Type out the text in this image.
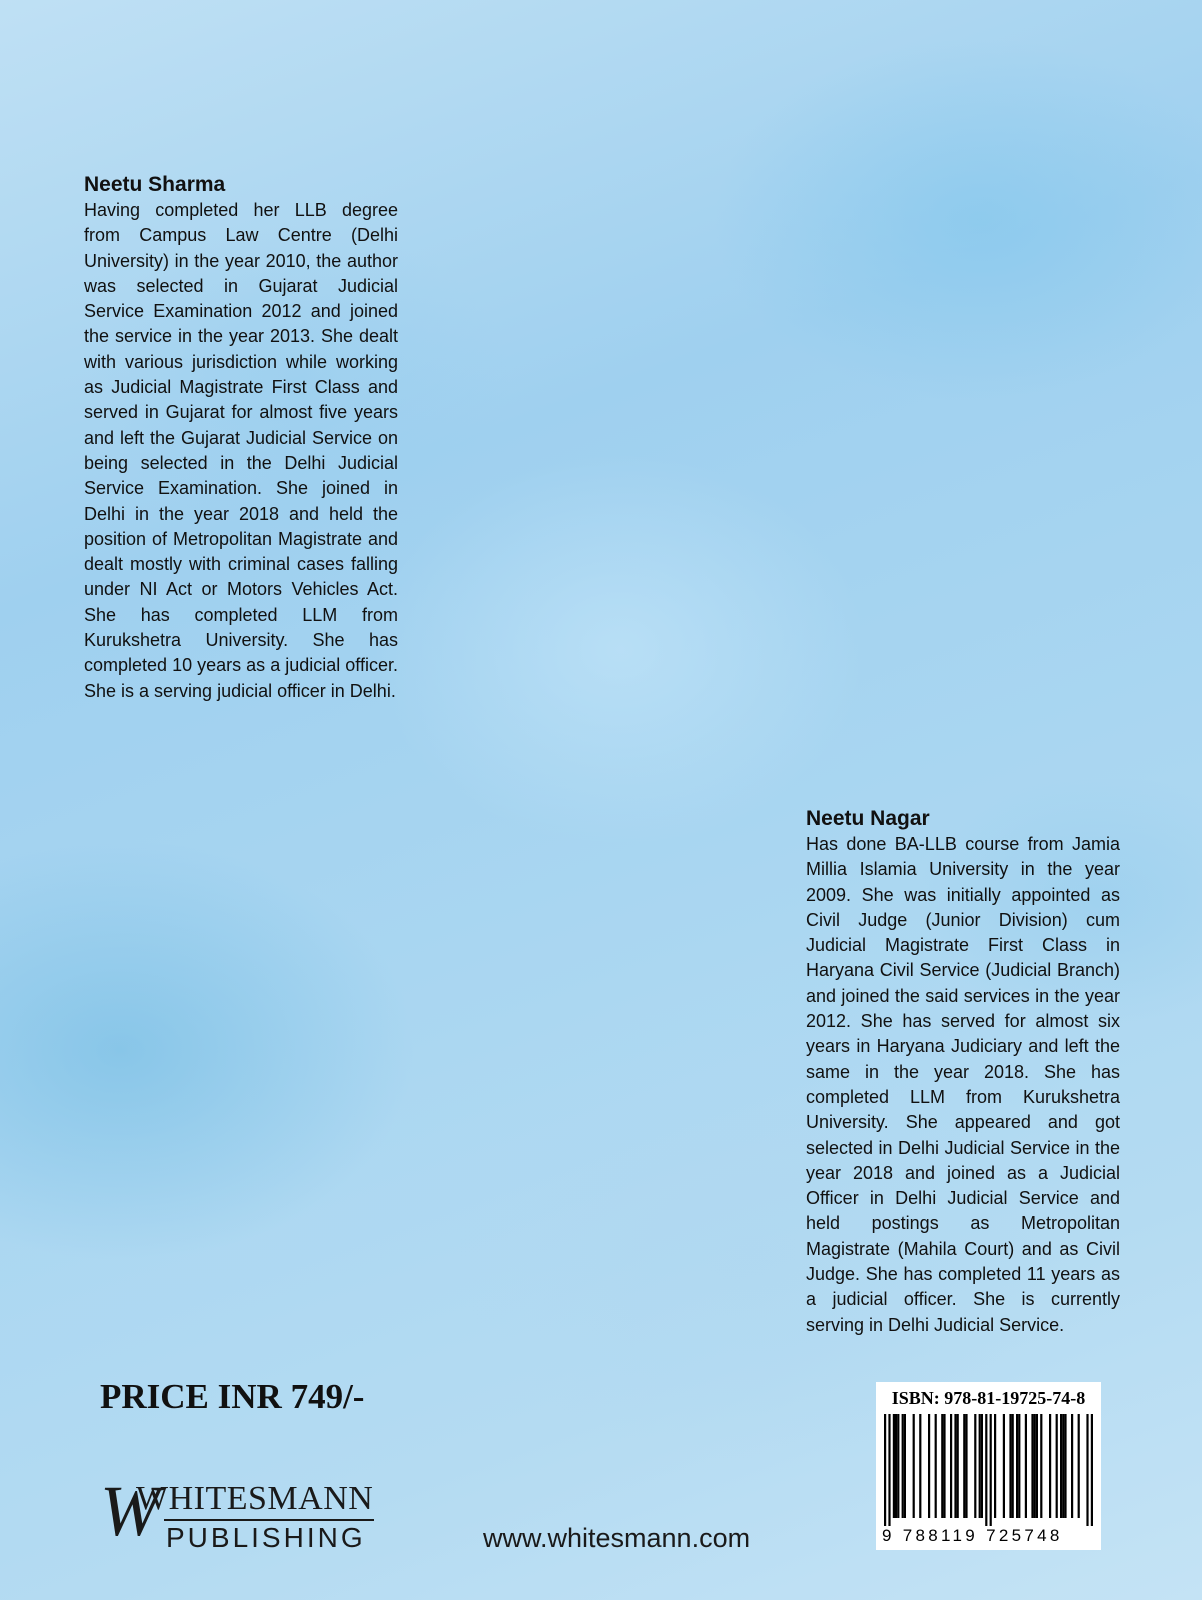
Neetu Sharma

Having completed her LLB degree from Campus Law Centre (Delhi University) in the year 2010, the author was selected in Gujarat Judicial Service Examination 2012 and joined the service in the year 2013. She dealt with various jurisdiction while working as Judicial Magistrate First Class and served in Gujarat for almost five years and left the Gujarat Judicial Service on being selected in the Delhi Judicial Service Examination. She joined in Delhi in the year 2018 and held the position of Metropolitan Magistrate and dealt mostly with criminal cases falling under NI Act or Motors Vehicles Act. She has completed LLM from Kurukshetra University. She has completed 10 years as a judicial officer. She is a serving judicial officer in Delhi.

Neetu Nagar

Has done BA-LLB course from Jamia Millia Islamia University in the year 2009. She was initially appointed as Civil Judge (Junior Division) cum Judicial Magistrate First Class in Haryana Civil Service (Judicial Branch) and joined the said services in the year 2012. She has served for almost six years in Haryana Judiciary and left the same in the year 2018. She has completed LLM from Kurukshetra University. She appeared and got selected in Delhi Judicial Service in the year 2018 and joined as a Judicial Officer in Delhi Judicial Service and held postings as Metropolitan Magistrate (Mahila Court) and as Civil Judge. She has completed 11 years as a judicial officer. She is currently serving in Delhi Judicial Service.

PRICE INR 749/-
W
WHITESMANN
PUBLISHING	www.whitesmann.com
ISBN: 978-81-19725-74-8
9 788119 725748
